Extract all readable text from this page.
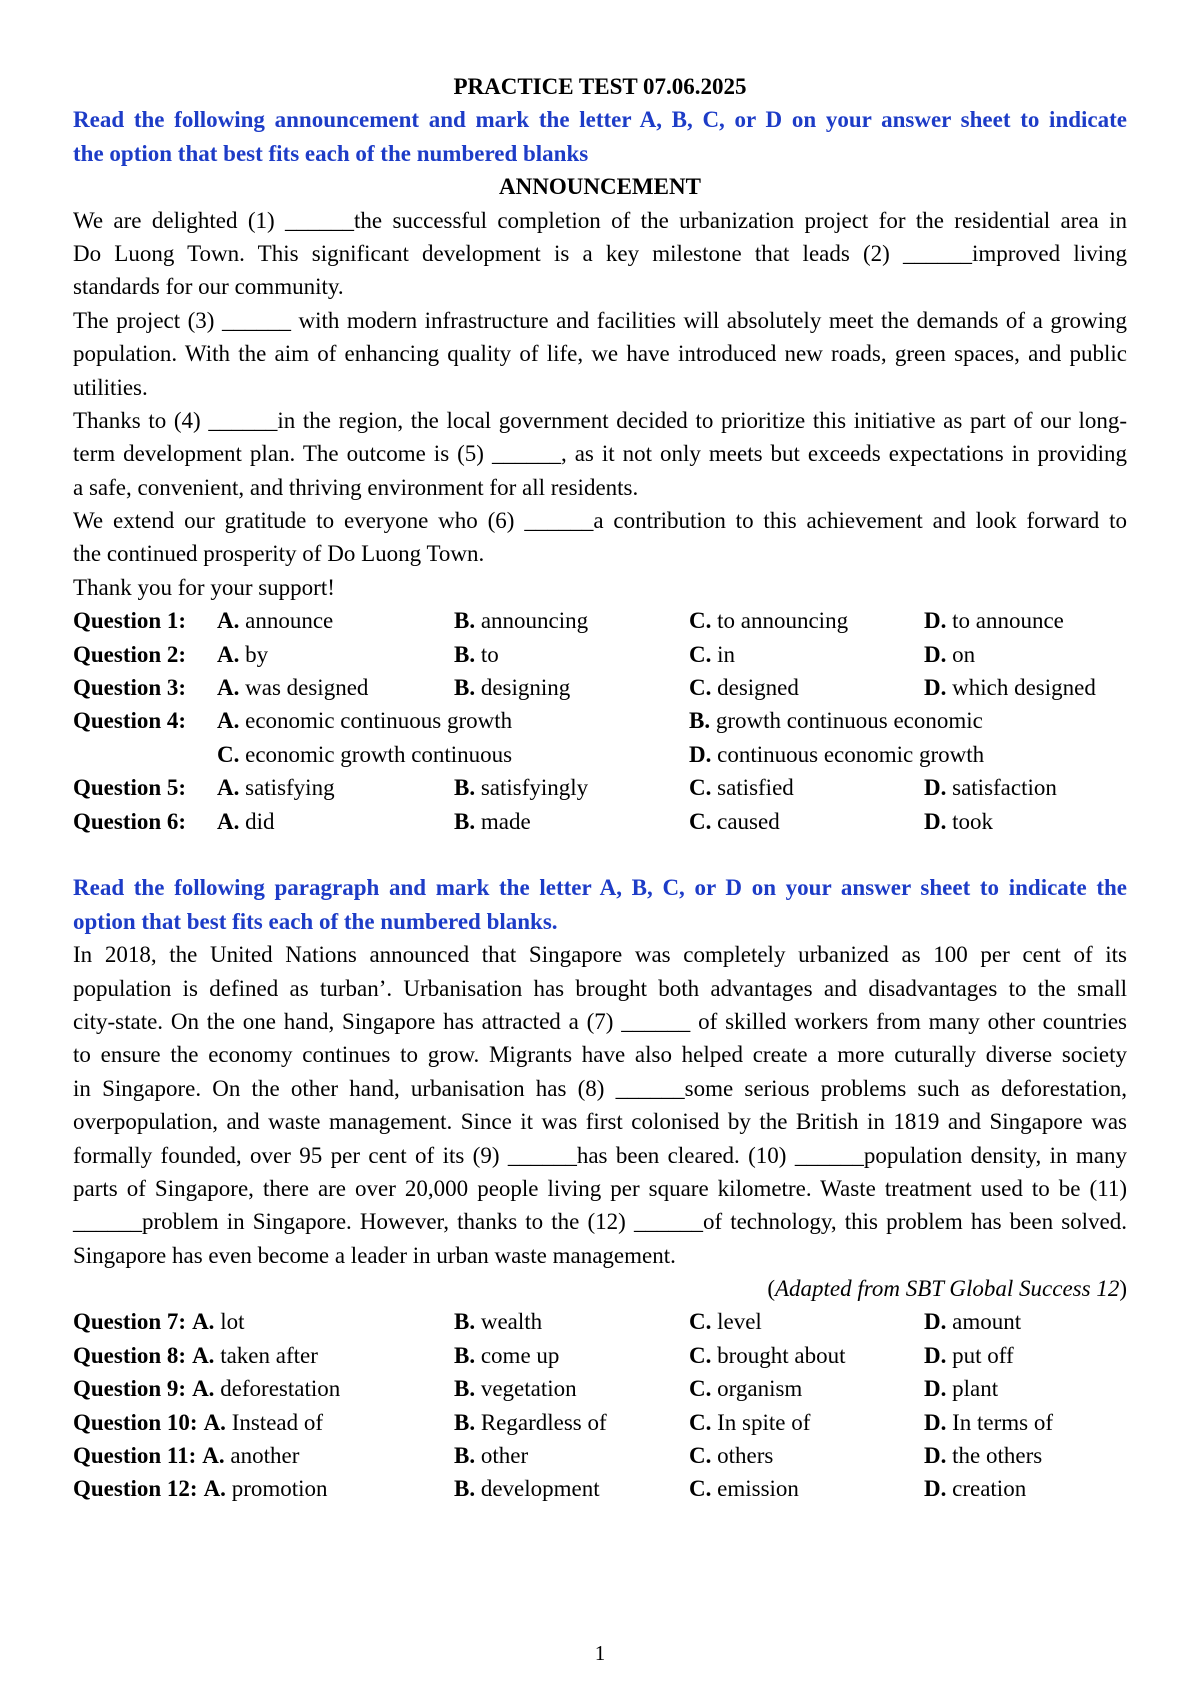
PRACTICE TEST 07.06.2025
Read the following announcement and mark the letter A, B, C, or D on your answer sheet to indicate
the option that best fits each of the numbered blanks
ANNOUNCEMENT
We are delighted (1) ______the successful completion of the urbanization project for the residential area in
Do Luong Town. This significant development is a key milestone that leads (2) ______improved living
standards for our community.
The project (3) ______ with modern infrastructure and facilities will absolutely meet the demands of a growing
population. With the aim of enhancing quality of life, we have introduced new roads, green spaces, and public
utilities.
Thanks to (4) ______in the region, the local government decided to prioritize this initiative as part of our long-
term development plan. The outcome is (5) ______, as it not only meets but exceeds expectations in providing
a safe, convenient, and thriving environment for all residents.
We extend our gratitude to everyone who (6) ______a contribution to this achievement and look forward to
the continued prosperity of Do Luong Town.
Thank you for your support!
Question 1: A. announce	B. announcing	C. to announcing	D. to announce
Question 2: A. by	B. to	C. in	D. on
Question 3: A. was designed	B. designing	C. designed	D. which designed
Question 4: A. economic continuous growth	B. growth continuous economic
C. economic growth continuous	D. continuous economic growth
Question 5: A. satisfying	B. satisfyingly	C. satisfied	D. satisfaction
Question 6: A. did	B. made	C. caused	D. took
Read the following paragraph and mark the letter A, B, C, or D on your answer sheet to indicate the
option that best fits each of the numbered blanks.
In 2018, the United Nations announced that Singapore was completely urbanized as 100 per cent of its
population is defined as turban’. Urbanisation has brought both advantages and disadvantages to the small
city-state. On the one hand, Singapore has attracted a (7) ______ of skilled workers from many other countries
to ensure the economy continues to grow. Migrants have also helped create a more cuturally diverse society
in Singapore. On the other hand, urbanisation has (8) ______some serious problems such as deforestation,
overpopulation, and waste management. Since it was first colonised by the British in 1819 and Singapore was
formally founded, over 95 per cent of its (9) ______has been cleared. (10) ______population density, in many
parts of Singapore, there are over 20,000 people living per square kilometre. Waste treatment used to be (11)
______problem in Singapore. However, thanks to the (12) ______of technology, this problem has been solved.
Singapore has even become a leader in urban waste management.
(Adapted from SBT Global Success 12)
Question 7: A. lot	B. wealth	C. level	D. amount
Question 8: A. taken after	B. come up	C. brought about	D. put off
Question 9: A. deforestation	B. vegetation	C. organism	D. plant
Question 10: A. Instead of	B. Regardless of	C. In spite of	D. In terms of
Question 11: A. another	B. other	C. others	D. the others
Question 12: A. promotion	B. development	C. emission	D. creation
1
